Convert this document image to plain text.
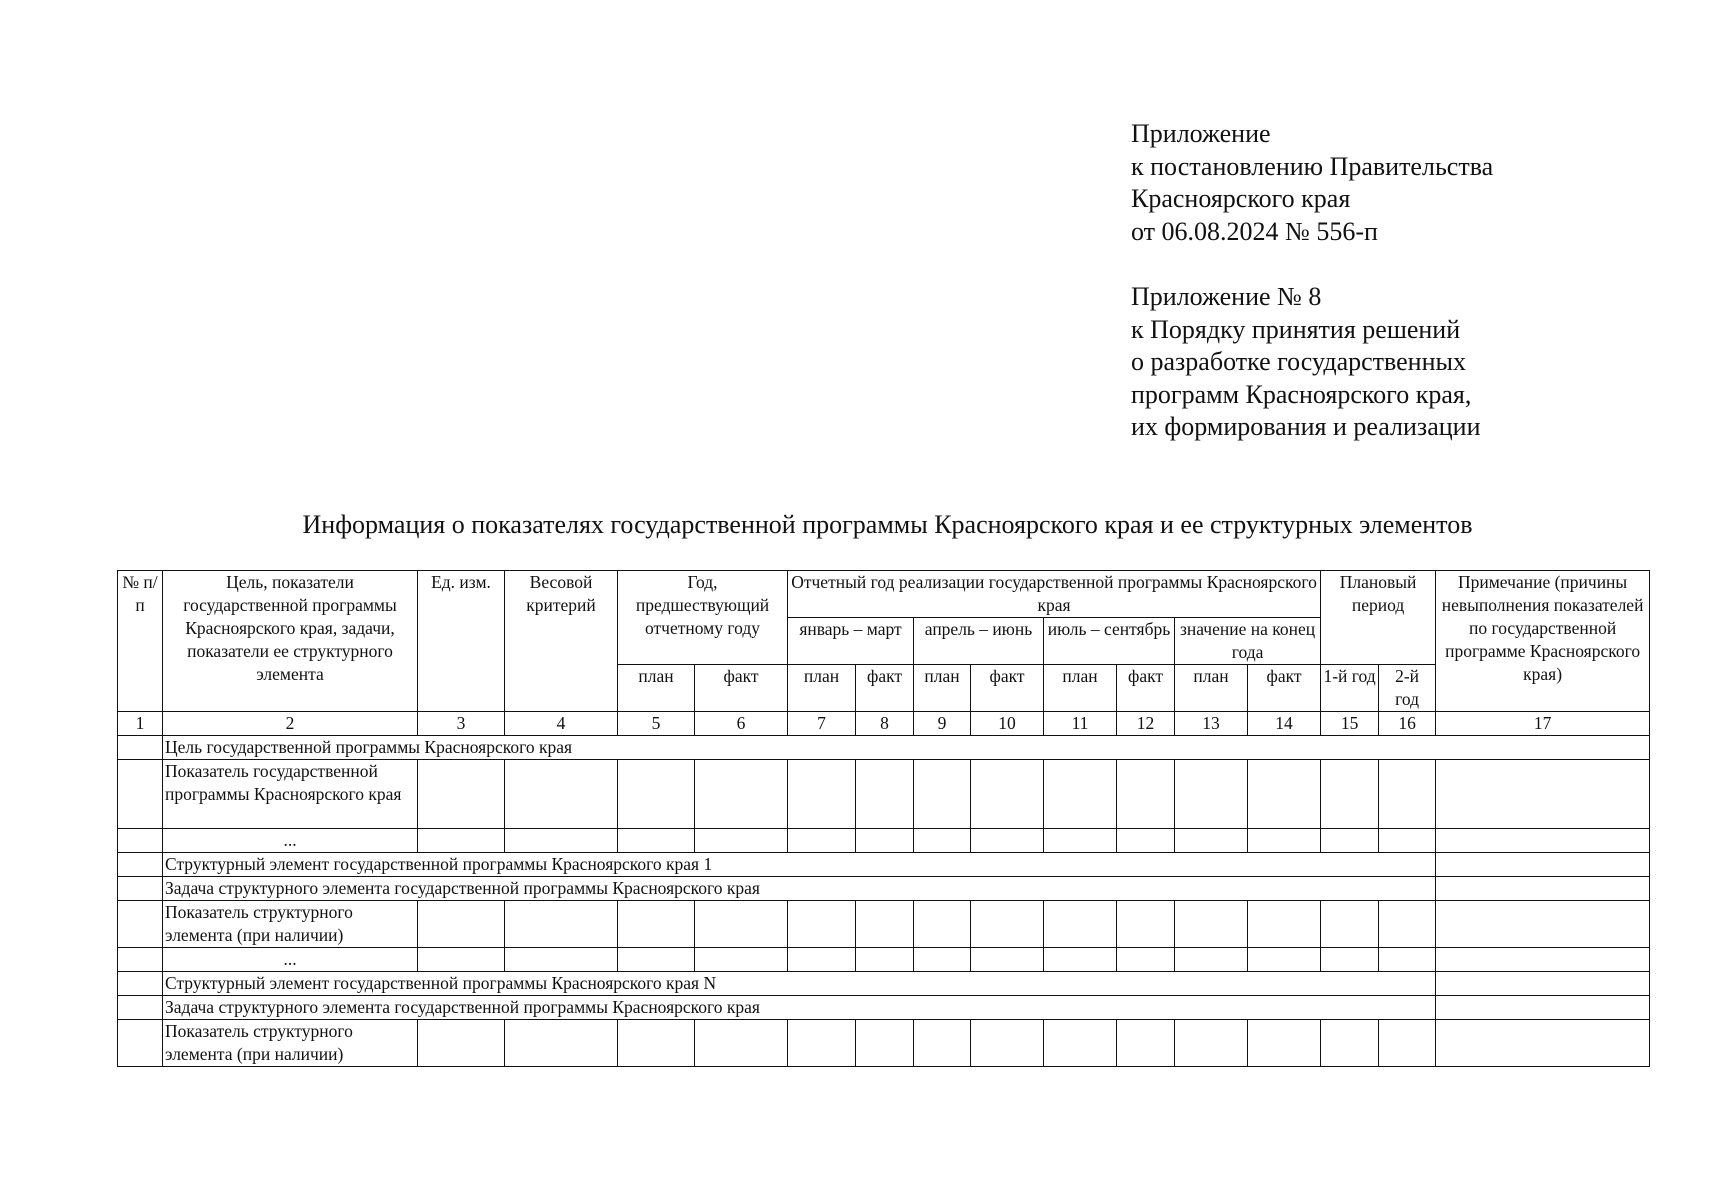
Приложение
к постановлению Правительства
Красноярского края
от 06.08.2024 № 556-п
Приложение № 8
к Порядку принятия решений
о разработке государственных
программ Красноярского края,
их формирования и реализации
Информация о показателях государственной программы Красноярского края и ее структурных элементов
№ п/п	Цель, показатели государственной программы Красноярского края, задачи, показатели ее структурного элемента	Ед. изм.	Весовой критерий	Год, предшествующий отчетному году		Отчетный год реализации государственной программы Красноярского края								Плановый период		Примечание (причины невыполнения показателей по государственной программе Красноярского края)
						январь – март		апрель – июнь		июль – сентябрь		значение на конец года				
				план	факт	план	факт	план	факт	план	факт	план	факт	1-й год	2-й год	
1	2	3	4	5	6	7	8	9	10	11	12	13	14	15	16	17
	Цель государственной программы Красноярского края															
	Показатель государственной программы Красноярского края															
	...															
	Структурный элемент государственной программы Красноярского края 1															
	Задача структурного элемента государственной программы Красноярского края															
	Показатель структурного элемента (при наличии)															
	...															
	Структурный элемент государственной программы Красноярского края N															
	Задача структурного элемента государственной программы Красноярского края															
	Показатель структурного элемента (при наличии)															
